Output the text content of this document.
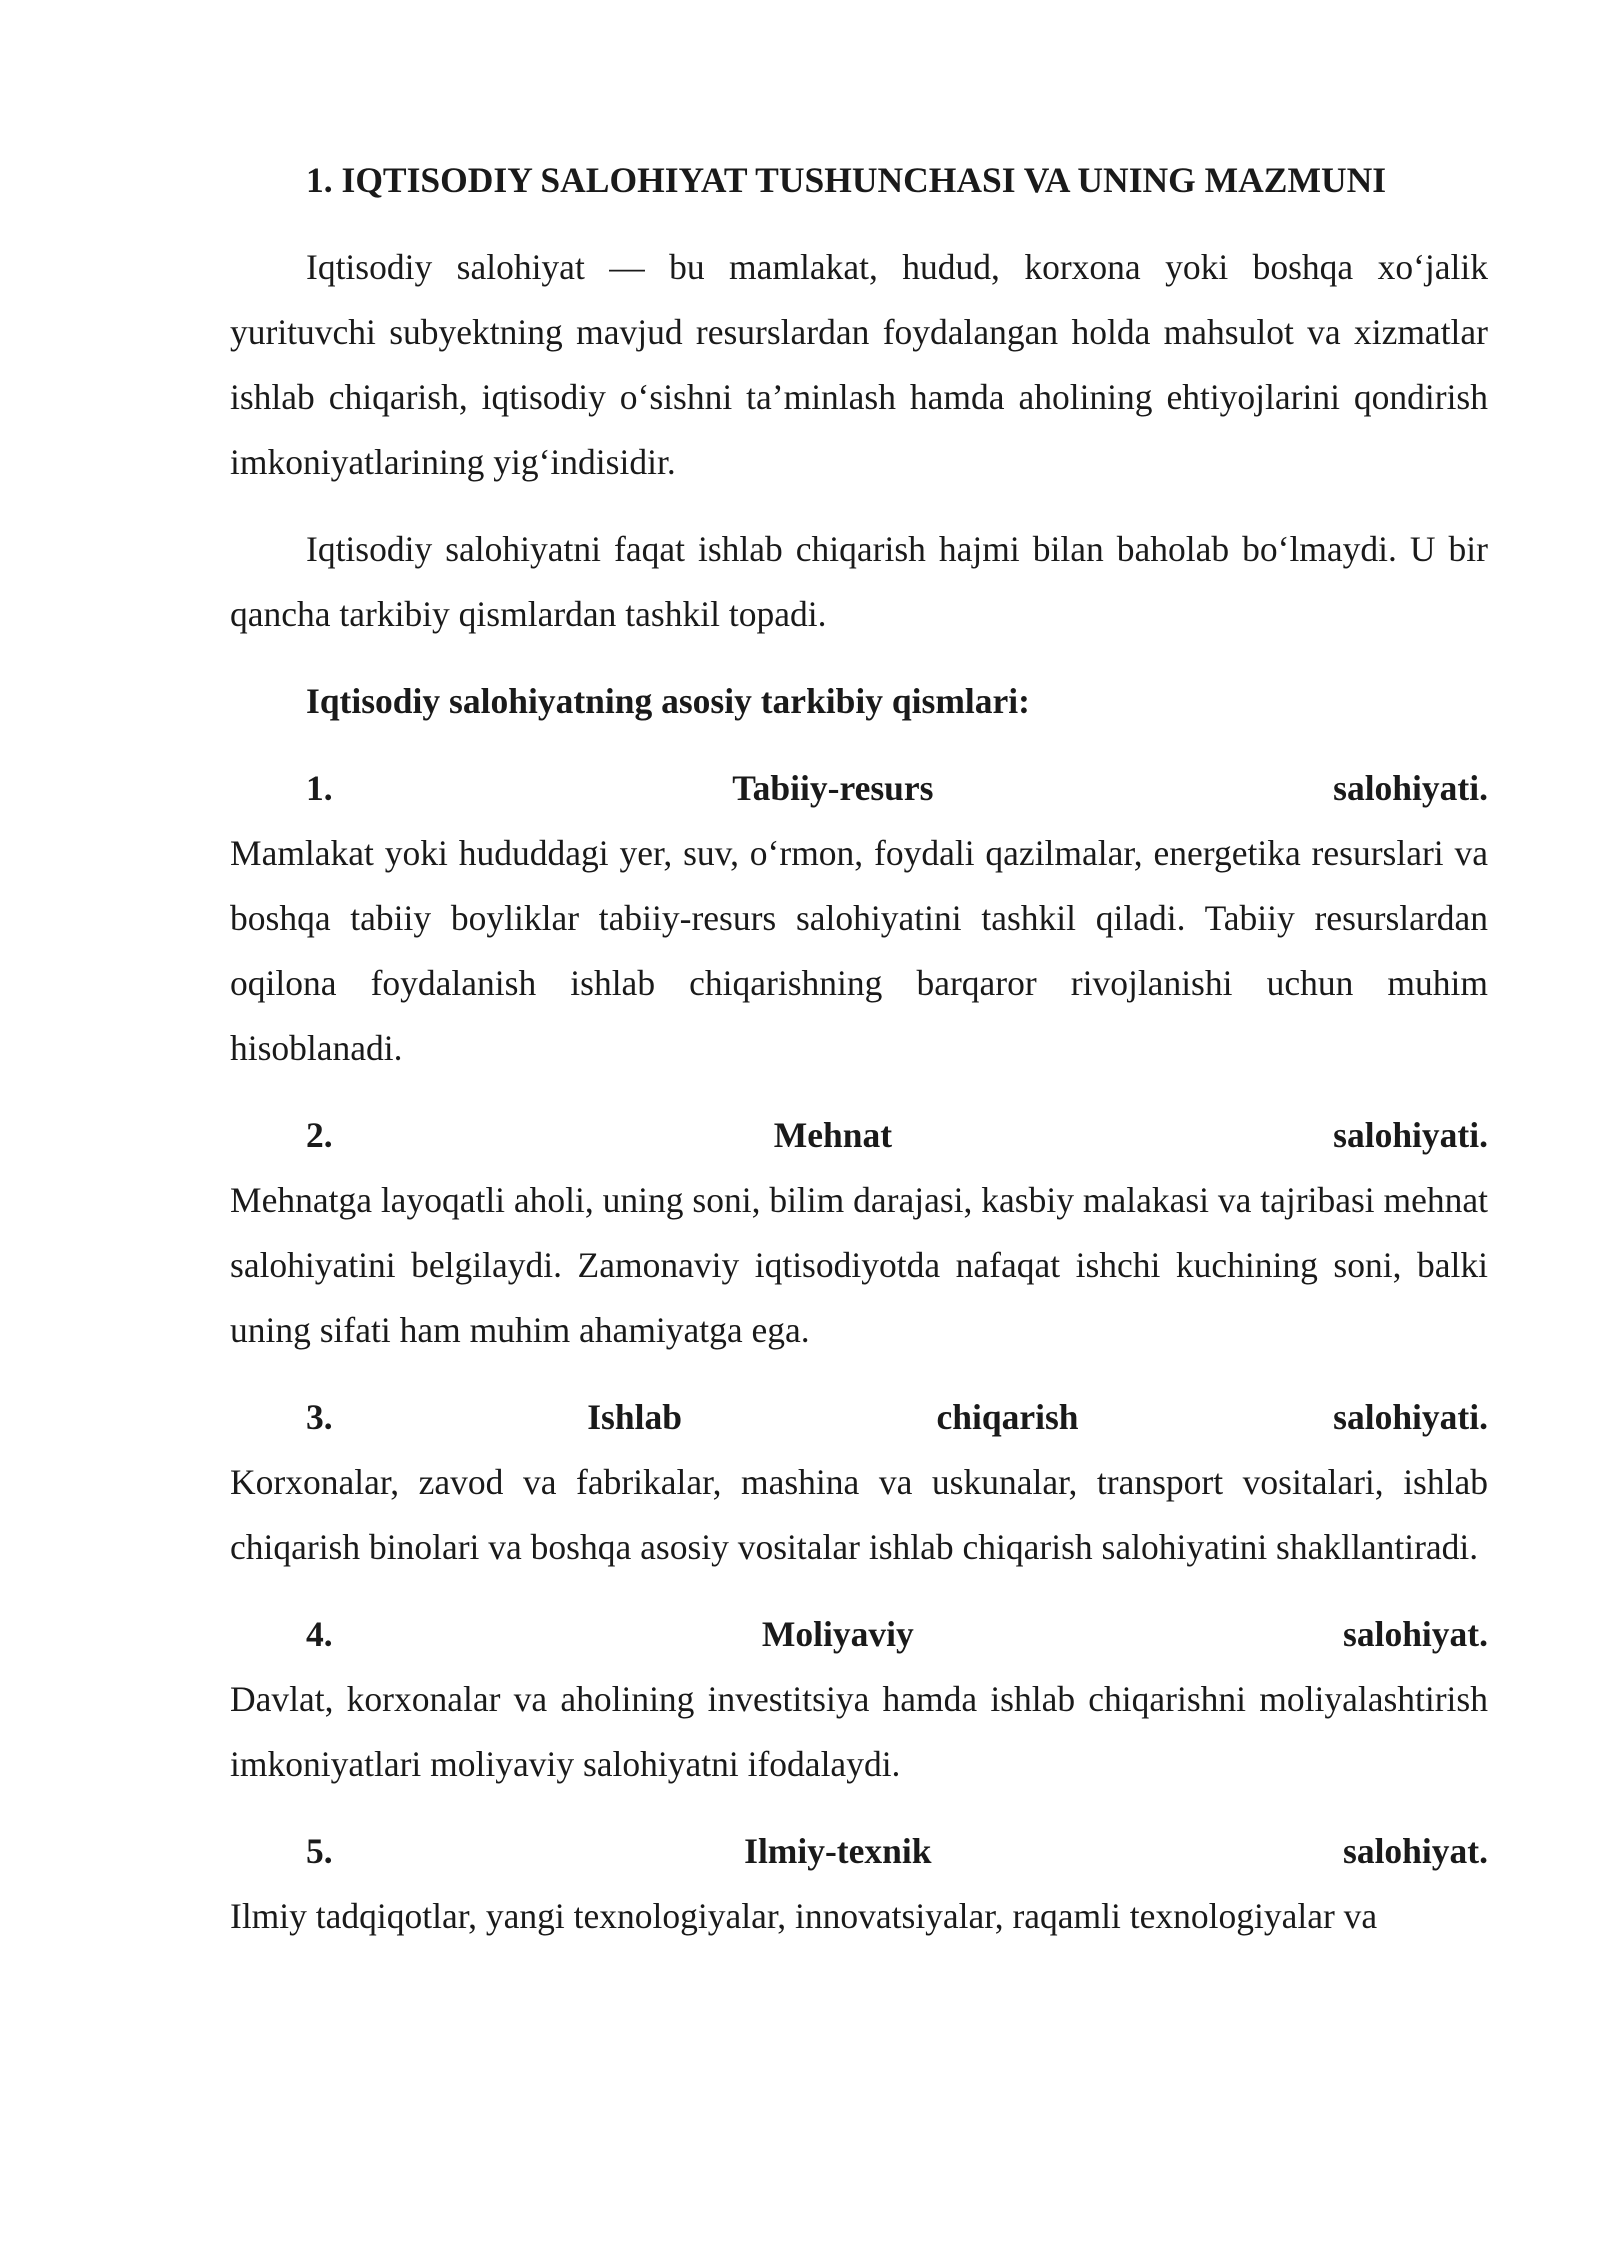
1. IQTISODIY SALOHIYAT TUSHUNCHASI VA UNING MAZMUNI
Iqtisodiy salohiyat — bu mamlakat, hudud, korxona yoki boshqa xo‘jalik yurituvchi subyektning mavjud resurslardan foydalangan holda mahsulot va xizmatlar ishlab chiqarish, iqtisodiy o‘sishni ta’minlash hamda aholining ehtiyojlarini qondirish imkoniyatlarining yig‘indisidir.
Iqtisodiy salohiyatni faqat ishlab chiqarish hajmi bilan baholab bo‘lmaydi. U bir qancha tarkibiy qismlardan tashkil topadi.
Iqtisodiy salohiyatning asosiy tarkibiy qismlari:
1.	Tabiiy-resurs	salohiyati.
Mamlakat yoki hududdagi yer, suv, o‘rmon, foydali qazilmalar, energetika resurslari va boshqa tabiiy boyliklar tabiiy-resurs salohiyatini tashkil qiladi. Tabiiy resurslardan oqilona foydalanish ishlab chiqarishning barqaror rivojlanishi uchun muhim hisoblanadi.
2.	Mehnat	salohiyati.
Mehnatga layoqatli aholi, uning soni, bilim darajasi, kasbiy malakasi va tajribasi mehnat salohiyatini belgilaydi. Zamonaviy iqtisodiyotda nafaqat ishchi kuchining soni, balki uning sifati ham muhim ahamiyatga ega.
3.	Ishlab	chiqarish	salohiyati.
Korxonalar, zavod va fabrikalar, mashina va uskunalar, transport vositalari, ishlab chiqarish binolari va boshqa asosiy vositalar ishlab chiqarish salohiyatini shakllantiradi.
4.	Moliyaviy	salohiyat.
Davlat, korxonalar va aholining investitsiya hamda ishlab chiqarishni moliyalashtirish imkoniyatlari moliyaviy salohiyatni ifodalaydi.
5.	Ilmiy-texnik	salohiyat.
Ilmiy tadqiqotlar, yangi texnologiyalar, innovatsiyalar, raqamli texnologiyalar va
